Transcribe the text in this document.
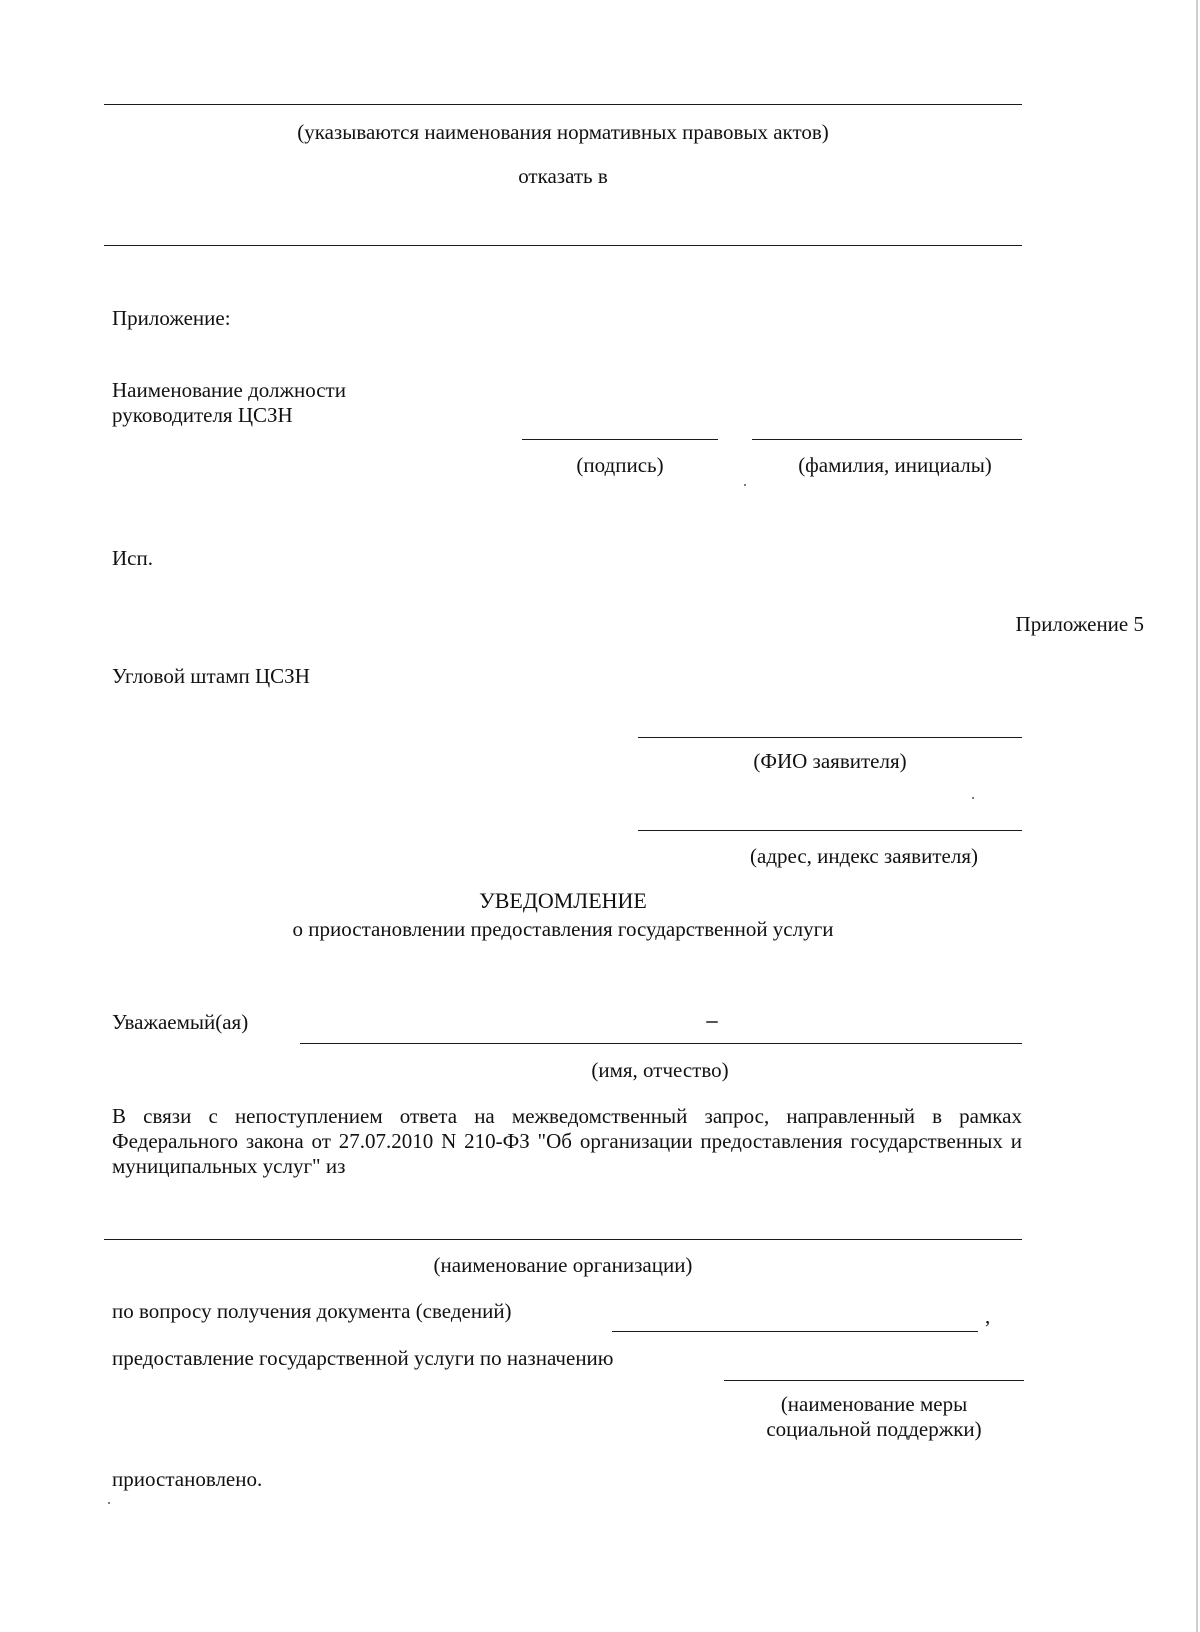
(указываются наименования нормативных правовых актов)
отказать в
Приложение:
Наименование должности
руководителя ЦСЗН
(подпись)	(фамилия, инициалы)
Исп.
Приложение 5
Угловой штамп ЦСЗН
(ФИО заявителя)
(адрес, индекс заявителя)
УВЕДОМЛЕНИЕ
о приостановлении предоставления государственной услуги
Уважаемый(ая)
(имя, отчество)
В связи с непоступлением ответа на межведомственный запрос, направленный в рамках Федерального закона от 27.07.2010 N 210-ФЗ "Об организации предоставления государственных и муниципальных услуг" из
(наименование организации)
по вопросу получения документа (сведений)	,
предоставление государственной услуги по назначению
(наименование меры
социальной поддержки)
приостановлено.
